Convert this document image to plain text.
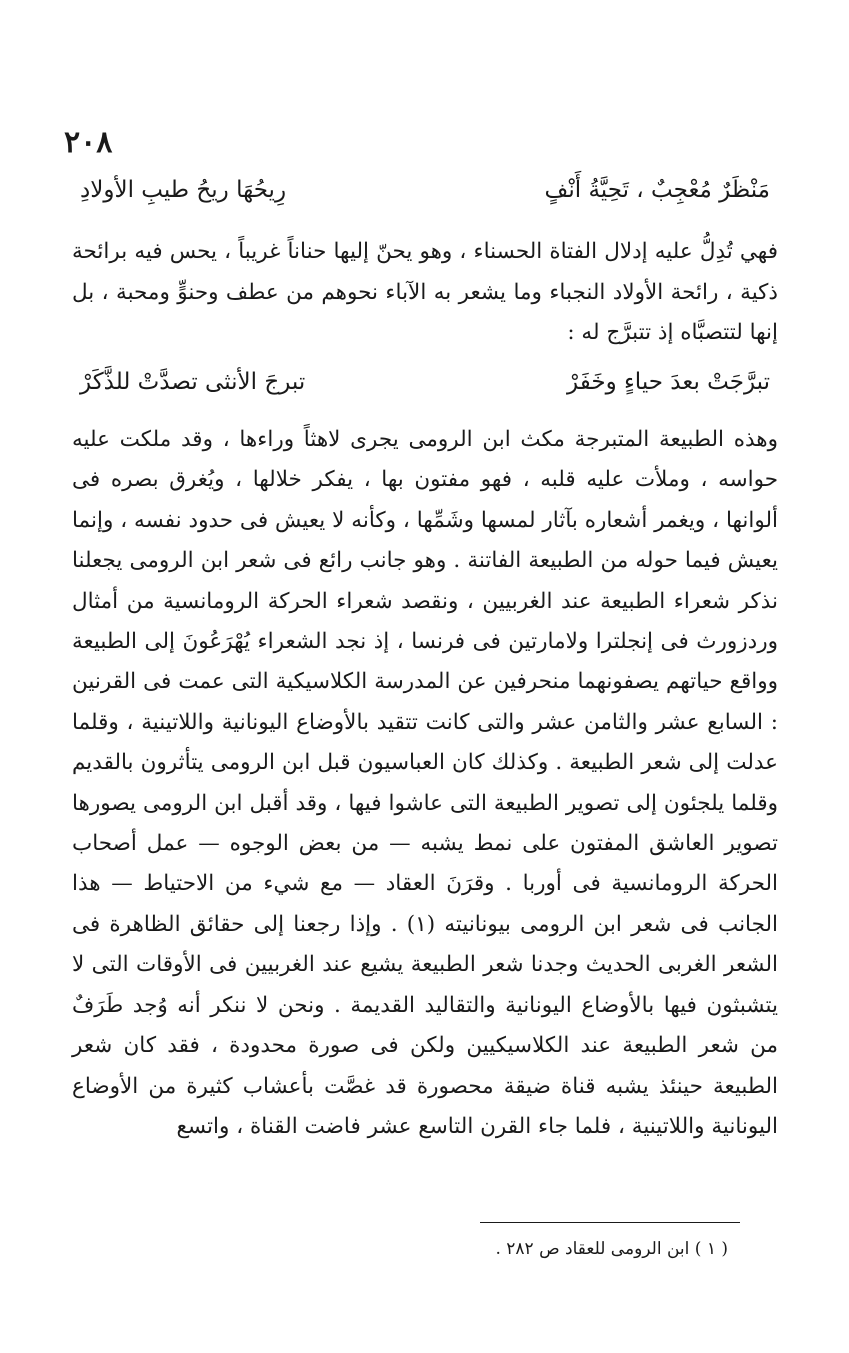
٢٠٨
مَنْظَرٌ مُعْجِبٌ ، تَحِيَّةُ أَنْفٍ
رِيحُهَا ريحُ طيبِ الأولادِ

فهي تُدِلُّ عليه إدلال الفتاة الحسناء ، وهو يحنّ إليها حناناً غريباً ، يحس فيه برائحة ذكية ، رائحة الأولاد النجباء وما يشعر به الآباء نحوهم من عطف وحنوٍّ ومحبة ، بل إنها لتتصبَّاه إذ تتبرَّج له :

تبرَّجَتْ بعدَ حياءٍ وخَفَرْ
تبرجَ الأنثى تصدَّتْ للذَّكَرْ

وهذه الطبيعة المتبرجة مكث ابن الرومى يجرى لاهثاً وراءها ، وقد ملكت عليه حواسه ، وملأت عليه قلبه ، فهو مفتون بها ، يفكر خلالها ، ويُغرق بصره فى ألوانها ، ويغمر أشعاره بآثار لمسها وشَمِّها ، وكأنه لا يعيش فى حدود نفسه ، وإنما يعيش فيما حوله من الطبيعة الفاتنة . وهو جانب رائع فى شعر ابن الرومى يجعلنا نذكر شعراء الطبيعة عند الغربيين ، ونقصد شعراء الحركة الرومانسية من أمثال وردزورث فى إنجلترا ولامارتين فى فرنسا ، إذ نجد الشعراء يُهْرَعُونَ إلى الطبيعة وواقع حياتهم يصفونهما منحرفين عن المدرسة الكلاسيكية التى عمت فى القرنين : السابع عشر والثامن عشر والتى كانت تتقيد بالأوضاع اليونانية واللاتينية ، وقلما عدلت إلى شعر الطبيعة . وكذلك كان العباسيون قبل ابن الرومى يتأثرون بالقديم وقلما يلجئون إلى تصوير الطبيعة التى عاشوا فيها ، وقد أقبل ابن الرومى يصورها تصوير العاشق المفتون على نمط يشبه — من بعض الوجوه — عمل أصحاب الحركة الرومانسية فى أوربا . وقرَنَ العقاد — مع شيء من الاحتياط — هذا الجانب فى شعر ابن الرومى بيونانيته (١) . وإذا رجعنا إلى حقائق الظاهرة فى الشعر الغربى الحديث وجدنا شعر الطبيعة يشيع عند الغربيين فى الأوقات التى لا يتشبثون فيها بالأوضاع اليونانية والتقاليد القديمة . ونحن لا ننكر أنه وُجد طَرَفٌ من شعر الطبيعة عند الكلاسيكيين ولكن فى صورة محدودة ، فقد كان شعر الطبيعة حينئذ يشبه قناة ضيقة محصورة قد غصَّت بأعشاب كثيرة من الأوضاع اليونانية واللاتينية ، فلما جاء القرن التاسع عشر فاضت القناة ، واتسع

( ١ ) ابن الرومى للعقاد ص ٢٨٢ .
